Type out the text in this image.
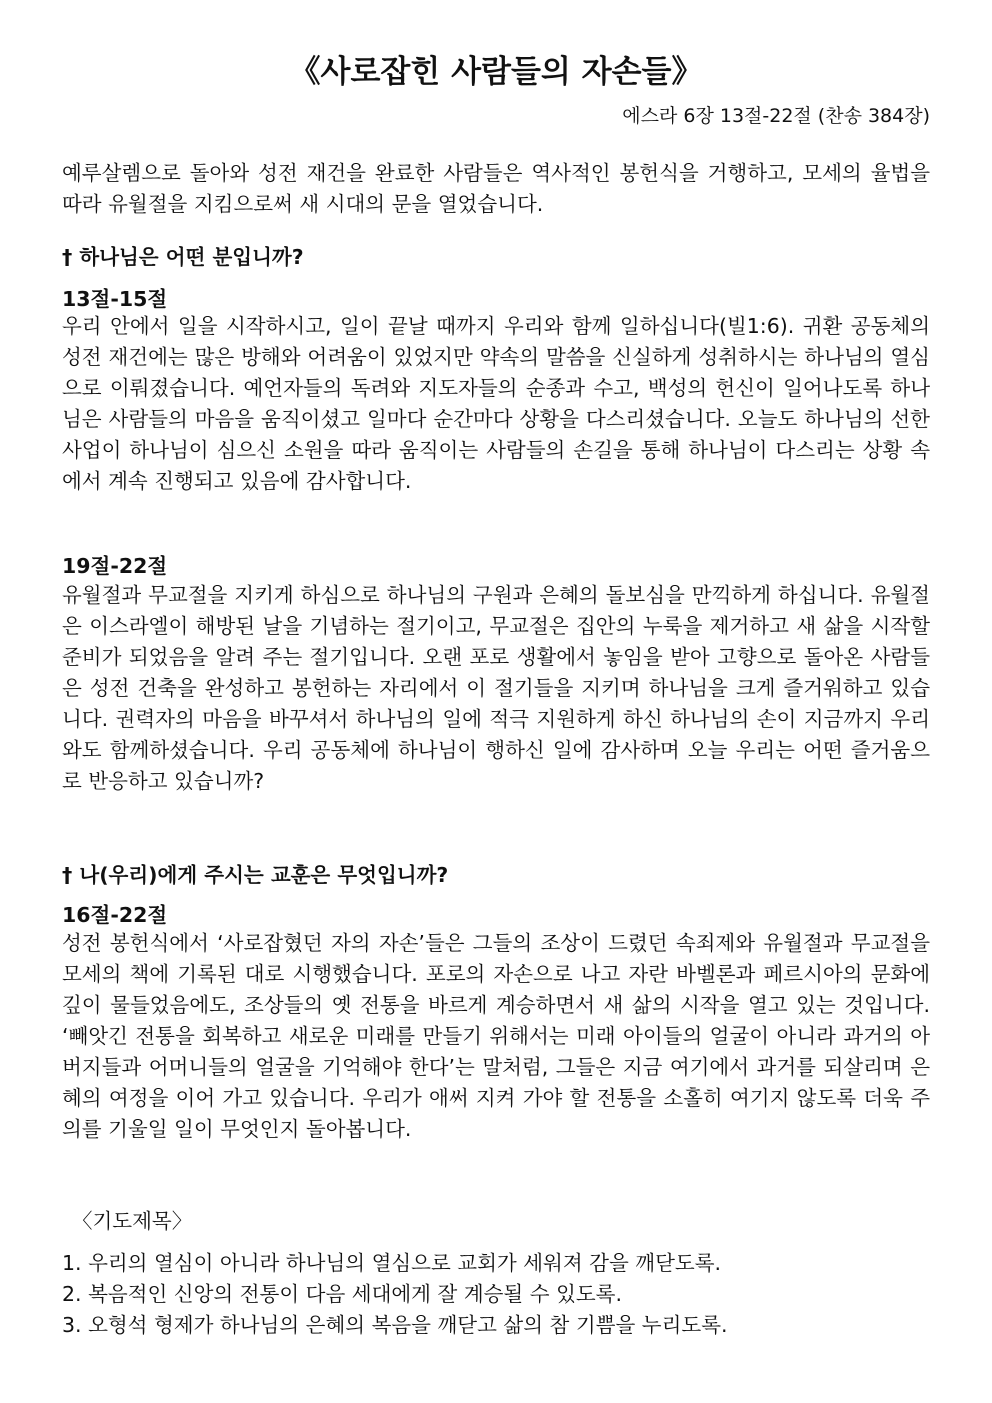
《사로잡힌 사람들의 자손들》
에스라 6장 13절-22절 (찬송 384장)
예루살렘으로 돌아와 성전 재건을 완료한 사람들은 역사적인 봉헌식을 거행하고, 모세의 율법을 따라 유월절을 지킴으로써 새 시대의 문을 열었습니다.
† 하나님은 어떤 분입니까?
13절-15절
우리 안에서 일을 시작하시고, 일이 끝날 때까지 우리와 함께 일하십니다(빌1:6). 귀환 공동체의 성전 재건에는 많은 방해와 어려움이 있었지만 약속의 말씀을 신실하게 성취하시는 하나님의 열심으로 이뤄졌습니다. 예언자들의 독려와 지도자들의 순종과 수고, 백성의 헌신이 일어나도록 하나님은 사람들의 마음을 움직이셨고 일마다 순간마다 상황을 다스리셨습니다. 오늘도 하나님의 선한 사업이 하나님이 심으신 소원을 따라 움직이는 사람들의 손길을 통해 하나님이 다스리는 상황 속에서 계속 진행되고 있음에 감사합니다.
19절-22절
유월절과 무교절을 지키게 하심으로 하나님의 구원과 은혜의 돌보심을 만끽하게 하십니다. 유월절은 이스라엘이 해방된 날을 기념하는 절기이고, 무교절은 집안의 누룩을 제거하고 새 삶을 시작할 준비가 되었음을 알려 주는 절기입니다. 오랜 포로 생활에서 놓임을 받아 고향으로 돌아온 사람들은 성전 건축을 완성하고 봉헌하는 자리에서 이 절기들을 지키며 하나님을 크게 즐거워하고 있습니다. 권력자의 마음을 바꾸셔서 하나님의 일에 적극 지원하게 하신 하나님의 손이 지금까지 우리와도 함께하셨습니다. 우리 공동체에 하나님이 행하신 일에 감사하며 오늘 우리는 어떤 즐거움으로 반응하고 있습니까?
† 나(우리)에게 주시는 교훈은 무엇입니까?
16절-22절
성전 봉헌식에서 ‘사로잡혔던 자의 자손’들은 그들의 조상이 드렸던 속죄제와 유월절과 무교절을 모세의 책에 기록된 대로 시행했습니다. 포로의 자손으로 나고 자란 바벨론과 페르시아의 문화에 깊이 물들었음에도, 조상들의 옛 전통을 바르게 계승하면서 새 삶의 시작을 열고 있는 것입니다. ‘빼앗긴 전통을 회복하고 새로운 미래를 만들기 위해서는 미래 아이들의 얼굴이 아니라 과거의 아버지들과 어머니들의 얼굴을 기억해야 한다’는 말처럼, 그들은 지금 여기에서 과거를 되살리며 은혜의 여정을 이어 가고 있습니다. 우리가 애써 지켜 가야 할 전통을 소홀히 여기지 않도록 더욱 주의를 기울일 일이 무엇인지 돌아봅니다.
〈기도제목〉
1. 우리의 열심이 아니라 하나님의 열심으로 교회가 세워져 감을 깨닫도록.
2. 복음적인 신앙의 전통이 다음 세대에게 잘 계승될 수 있도록.
3. 오형석 형제가 하나님의 은혜의 복음을 깨닫고 삶의 참 기쁨을 누리도록.
